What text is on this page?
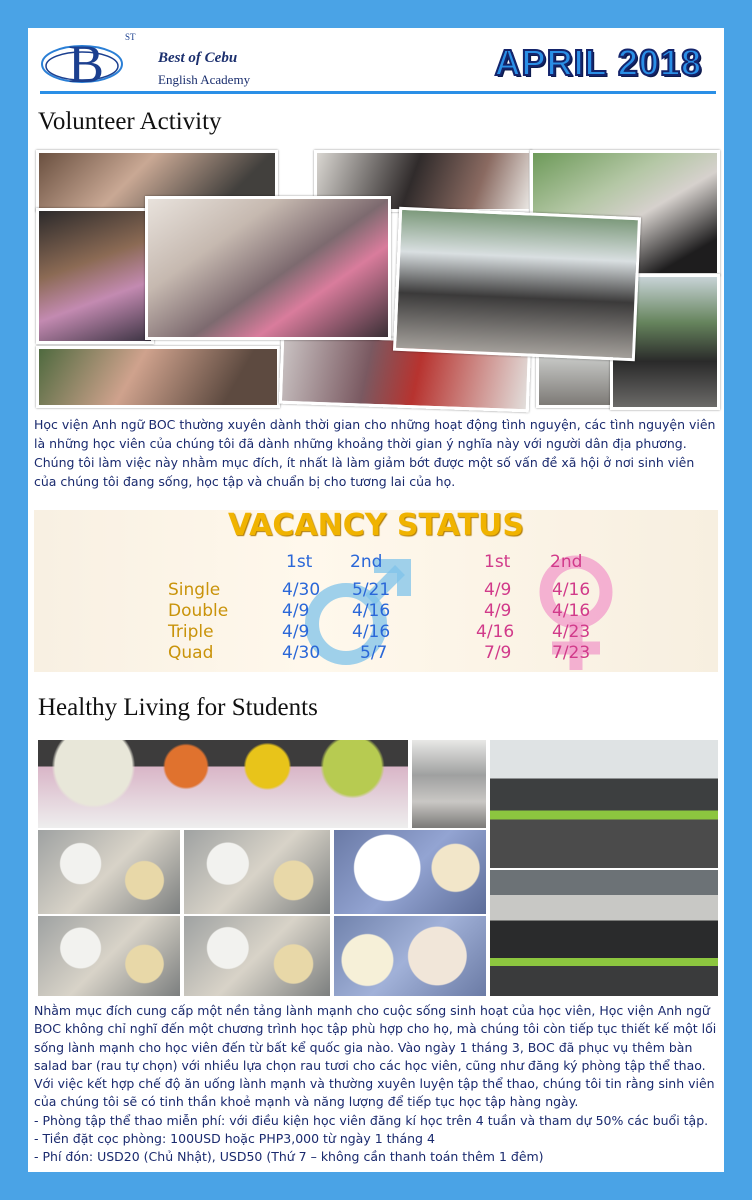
B ST
Best of Cebu
English Academy	APRIL 2018
Volunteer Activity

Học viện Anh ngữ BOC thường xuyên dành thời gian cho những hoạt động tình nguyện, các tình nguyện viên là những học viên của chúng tôi đã dành những khoảng thời gian ý nghĩa này với người dân địa phương. Chúng tôi làm việc này nhằm mục đích, ít nhất là làm giảm bớt được một số vấn đề xã hội ở nơi sinh viên của chúng tôi đang sống, học tập và chuẩn bị cho tương lai của họ.

VACANCY STATUS
1st 2nd	1st 2nd
Single	4/30 5/21	4/9 4/16
Double	4/9	4/16	4/9 4/16
Triple	4/9	4/16	4/16 4/23
Quad	4/30 5/7	7/9 7/23
Healthy Living for Students

Nhằm mục đích cung cấp một nền tảng lành mạnh cho cuộc sống sinh hoạt của học viên, Học viện Anh ngữ BOC không chỉ nghĩ đến một chương trình học tập phù hợp cho họ, mà chúng tôi còn tiếp tục thiết kế một lối sống lành mạnh cho học viên đến từ bất kể quốc gia nào. Vào ngày 1 tháng 3, BOC đã phục vụ thêm bàn salad bar (rau tự chọn) với nhiều lựa chọn rau tươi cho các học viên, cũng như đăng ký phòng tập thể thao. Với việc kết hợp chế độ ăn uống lành mạnh và thường xuyên luyện tập thể thao, chúng tôi tin rằng sinh viên của chúng tôi sẽ có tinh thần khoẻ mạnh và năng lượng để tiếp tục học tập hàng ngày.

- Phòng tập thể thao miễn phí: với điều kiện học viên đăng kí học trên 4 tuần và tham dự 50% các buổi tập.

- Tiền đặt cọc phòng: 100USD hoặc PHP3,000 từ ngày 1 tháng 4

- Phí đón: USD20 (Chủ Nhật), USD50 (Thứ 7 – không cần thanh toán thêm 1 đêm)
